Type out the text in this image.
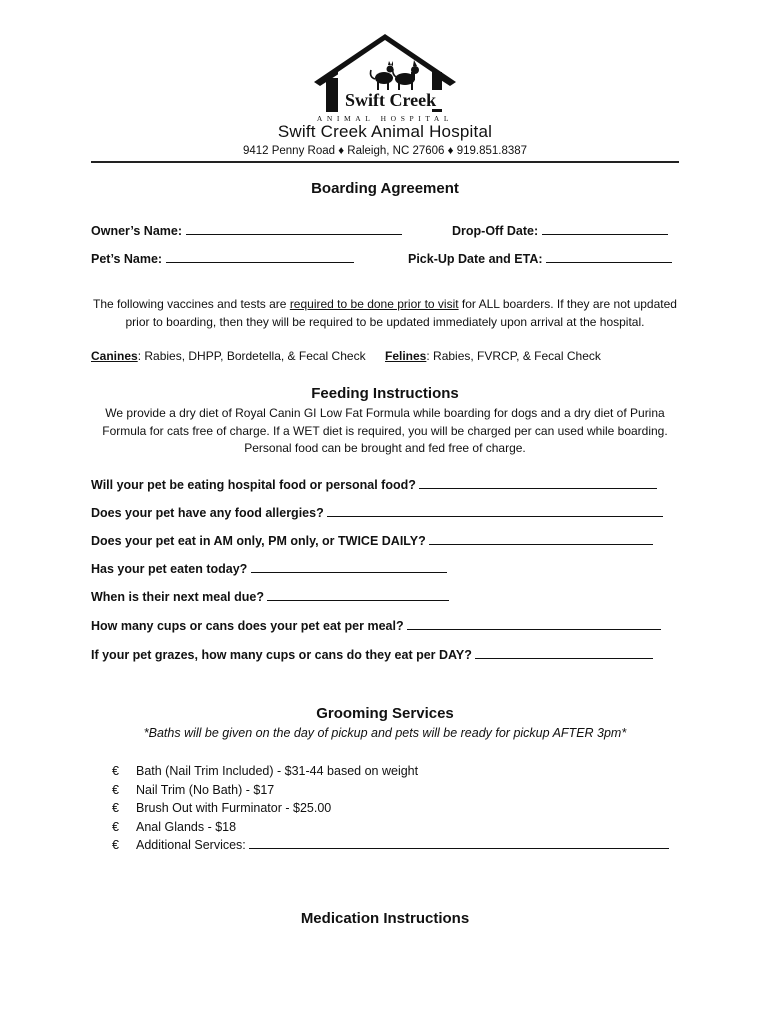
Swift Creek
ANIMAL HOSPITAL
Swift Creek Animal Hospital
9412 Penny Road ♦ Raleigh, NC 27606 ♦ 919.851.8387
Boarding Agreement
Owner’s Name:	Drop-Off Date:
Pet’s Name:	Pick-Up Date and ETA:
The following vaccines and tests are required to be done prior to visit for ALL boarders. If they are not updated prior to boarding, then they will be required to be updated immediately upon arrival at the hospital.
Canines: Rabies, DHPP, Bordetella, & Fecal Check Felines: Rabies, FVRCP, & Fecal Check
Feeding Instructions
We provide a dry diet of Royal Canin GI Low Fat Formula while boarding for dogs and a dry diet of Purina Formula for cats free of charge. If a WET diet is required, you will be charged per can used while boarding. Personal food can be brought and fed free of charge.
Will your pet be eating hospital food or personal food?
Does your pet have any food allergies?
Does your pet eat in AM only, PM only, or TWICE DAILY?
Has your pet eaten today?
When is their next meal due?
How many cups or cans does your pet eat per meal?
If your pet grazes, how many cups or cans do they eat per DAY?
Grooming Services
*Baths will be given on the day of pickup and pets will be ready for pickup AFTER 3pm*
€ Bath (Nail Trim Included) - $31-44 based on weight
€ Nail Trim (No Bath) - $17
€ Brush Out with Furminator - $25.00
€ Anal Glands - $18
€ Additional Services:
Medication Instructions
